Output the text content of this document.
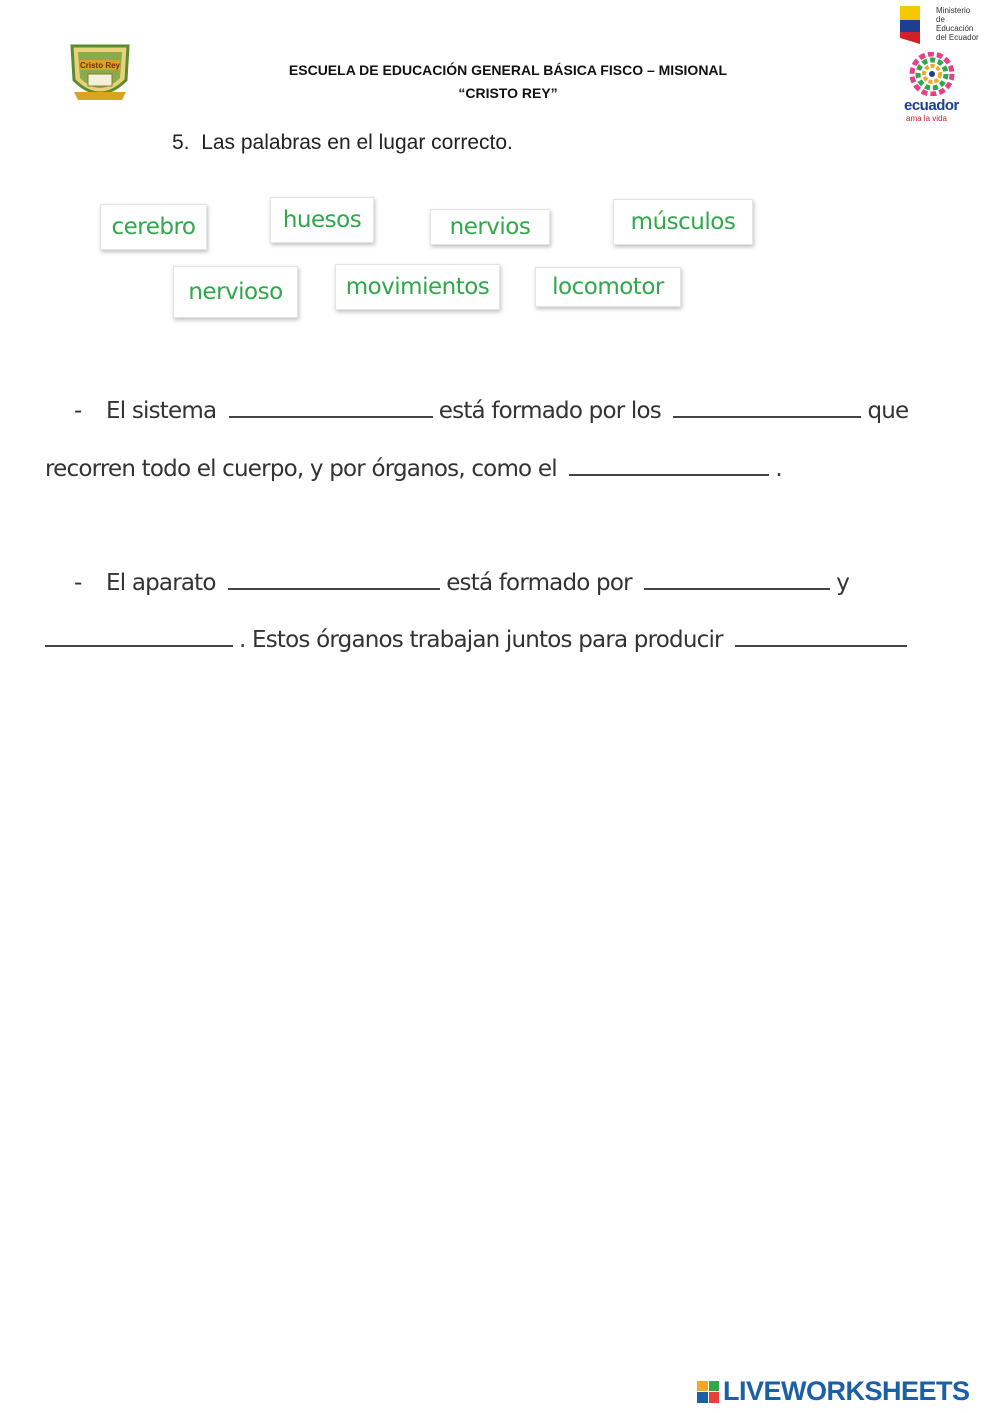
Cristo Rey	ESCUELA DE EDUCACIÓN GENERAL BÁSICA FISCO – MISIONAL
“CRISTO REY”
Ministerio de Educación del Ecuador
ecuador
ama la vida
5. Las palabras en el lugar correcto.
cerebro	huesos	nervios	músculos
nervioso	movimientos	locomotor
- El sistema	está formado por los	que
recorren todo el cuerpo, y por órganos, como el	.
- El aparato	está formado por	y
. Estos órganos trabajan juntos para producir
LIVEWORKSHEETS
